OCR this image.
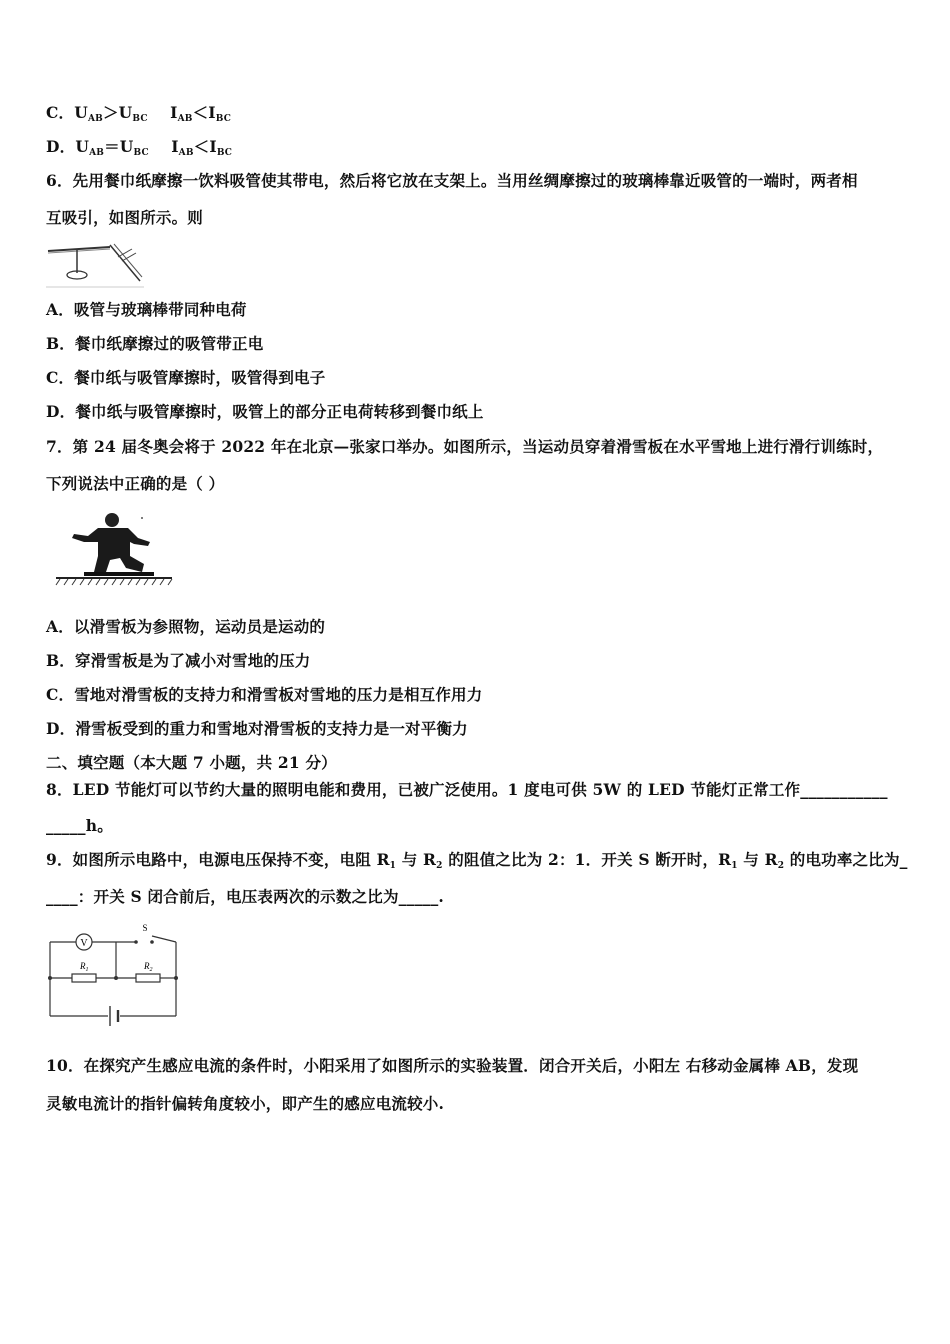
C．$U_{AB}>U_{BC}$ $I_{AB}<I_{BC}$
D．$U_{AB}=U_{BC}$ $I_{AB}<I_{BC}$
6．先用餐巾纸摩擦一饮料吸管使其带电，然后将它放在支架上。当用丝绸摩擦过的玻璃棒靠近吸管的一端时，两者相
互吸引，如图所示。则
A．吸管与玻璃棒带同种电荷
B．餐巾纸摩擦过的吸管带正电
C．餐巾纸与吸管摩擦时，吸管得到电子
D．餐巾纸与吸管摩擦时，吸管上的部分正电荷转移到餐巾纸上
7．第 24 届冬奥会将于 2022 年在北京—张家口举办。如图所示，当运动员穿着滑雪板在水平雪地上进行滑行训练时，
下列说法中正确的是（ ）
A．以滑雪板为参照物，运动员是运动的
B．穿滑雪板是为了减小对雪地的压力
C．雪地对滑雪板的支持力和滑雪板对雪地的压力是相互作用力
D．滑雪板受到的重力和雪地对滑雪板的支持力是一对平衡力
二、填空题（本大题 7 小题，共 21 分）
8．LED 节能灯可以节约大量的照明电能和费用，已被广泛使用。1 度电可供 5W 的 LED 节能灯正常工作___________
_____h。
9．如图所示电路中，电源电压保持不变，电阻 $R_1$ 与 $R_2$ 的阻值之比为 2：1．开关 S 断开时，$R_1$ 与 $R_2$ 的电功率之比为_
____：开关 S 闭合前后，电压表两次的示数之比为_____.
V
S
$R_1$	$R_2$
10．在探究产生感应电流的条件时，小阳采用了如图所示的实验装置．闭合开关后，小阳左 右移动金属棒 AB，发现
灵敏电流计的指针偏转角度较小，即产生的感应电流较小.
